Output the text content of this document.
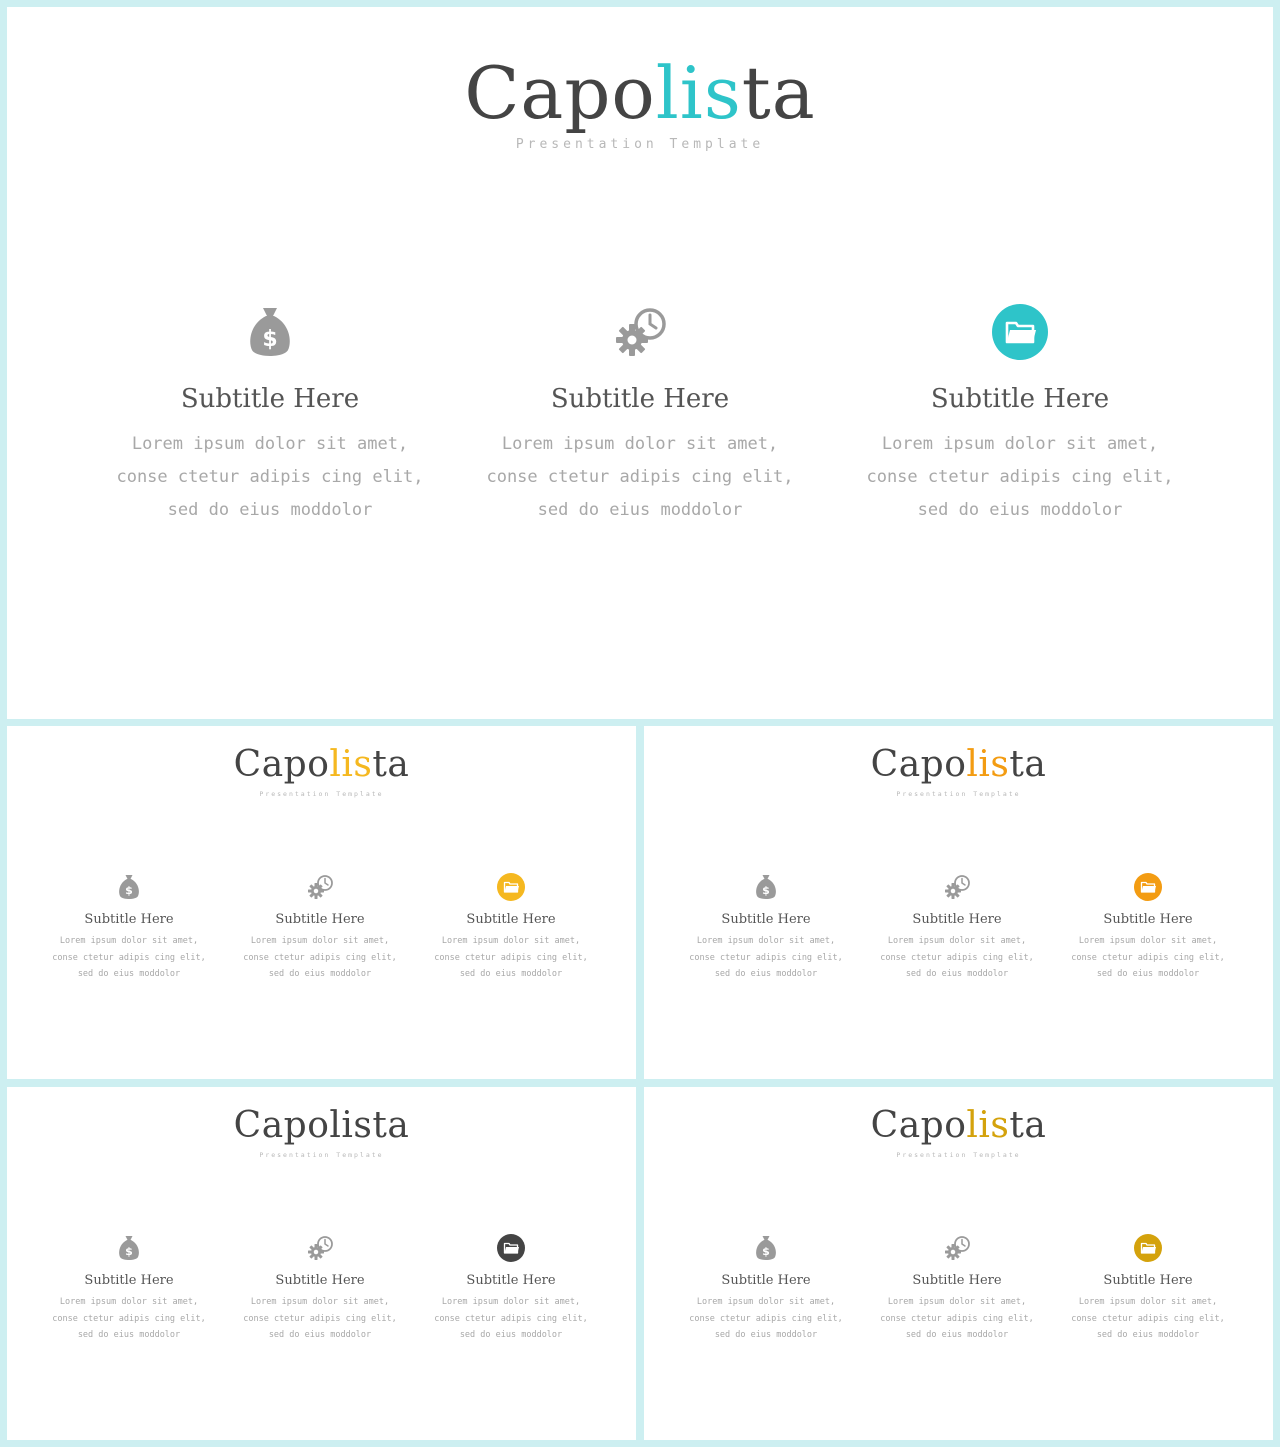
Capolista
Presentation Template
$
Subtitle Here
Lorem ipsum dolor sit amet, conse ctetur adipis cing elit, sed do eius moddolor
Subtitle Here
Lorem ipsum dolor sit amet, conse ctetur adipis cing elit, sed do eius moddolor
Subtitle Here
Lorem ipsum dolor sit amet, conse ctetur adipis cing elit, sed do eius moddolor
Capolista
Presentation Template
$
Subtitle Here
Lorem ipsum dolor sit amet, conse ctetur adipis cing elit, sed do eius moddolor
Subtitle Here
Lorem ipsum dolor sit amet, conse ctetur adipis cing elit, sed do eius moddolor
Subtitle Here
Lorem ipsum dolor sit amet, conse ctetur adipis cing elit, sed do eius moddolor
Capolista
Presentation Template
$
Subtitle Here
Lorem ipsum dolor sit amet, conse ctetur adipis cing elit, sed do eius moddolor
Subtitle Here
Lorem ipsum dolor sit amet, conse ctetur adipis cing elit, sed do eius moddolor
Subtitle Here
Lorem ipsum dolor sit amet, conse ctetur adipis cing elit, sed do eius moddolor
Capolista
Presentation Template
$
Subtitle Here
Lorem ipsum dolor sit amet, conse ctetur adipis cing elit, sed do eius moddolor
Subtitle Here
Lorem ipsum dolor sit amet, conse ctetur adipis cing elit, sed do eius moddolor
Subtitle Here
Lorem ipsum dolor sit amet, conse ctetur adipis cing elit, sed do eius moddolor
Capolista
Presentation Template
$
Subtitle Here
Lorem ipsum dolor sit amet, conse ctetur adipis cing elit, sed do eius moddolor
Subtitle Here
Lorem ipsum dolor sit amet, conse ctetur adipis cing elit, sed do eius moddolor
Subtitle Here
Lorem ipsum dolor sit amet, conse ctetur adipis cing elit, sed do eius moddolor
